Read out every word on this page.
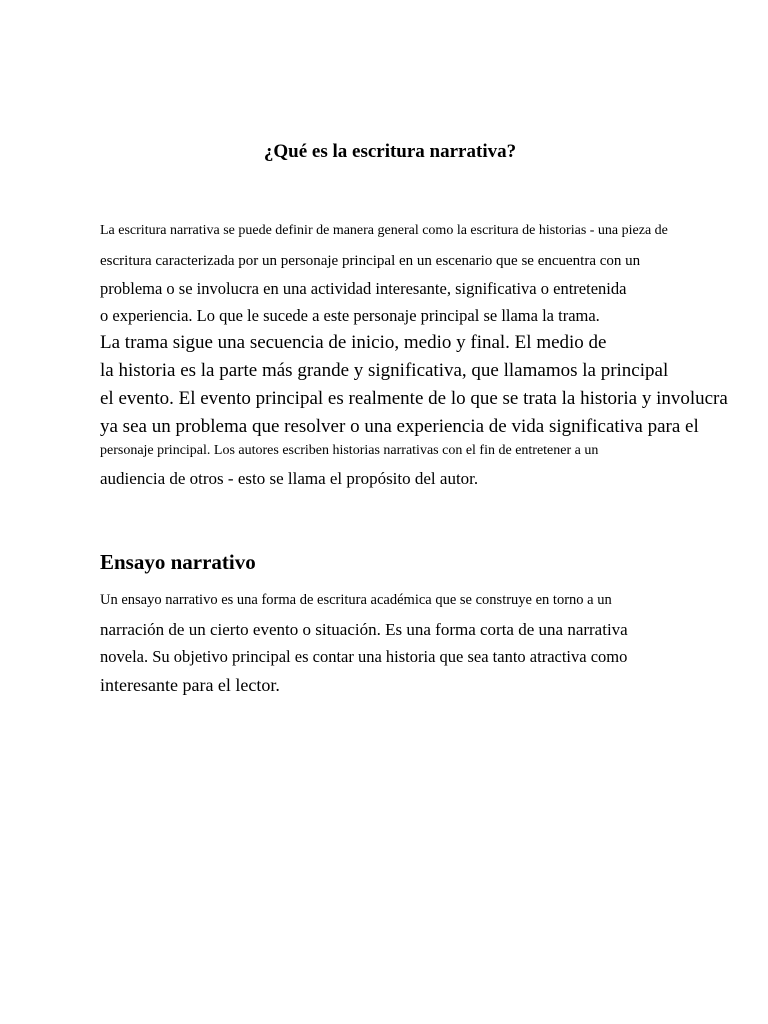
¿Qué es la escritura narrativa?
La escritura narrativa se puede definir de manera general como la escritura de historias - una pieza de
escritura caracterizada por un personaje principal en un escenario que se encuentra con un
problema o se involucra en una actividad interesante, significativa o entretenida
o experiencia. Lo que le sucede a este personaje principal se llama la trama.
La trama sigue una secuencia de inicio, medio y final. El medio de
la historia es la parte más grande y significativa, que llamamos la principal
el evento. El evento principal es realmente de lo que se trata la historia y involucra
ya sea un problema que resolver o una experiencia de vida significativa para el
personaje principal. Los autores escriben historias narrativas con el fin de entretener a un
audiencia de otros - esto se llama el propósito del autor.
Ensayo narrativo
Un ensayo narrativo es una forma de escritura académica que se construye en torno a un
narración de un cierto evento o situación. Es una forma corta de una narrativa
novela. Su objetivo principal es contar una historia que sea tanto atractiva como
interesante para el lector.
